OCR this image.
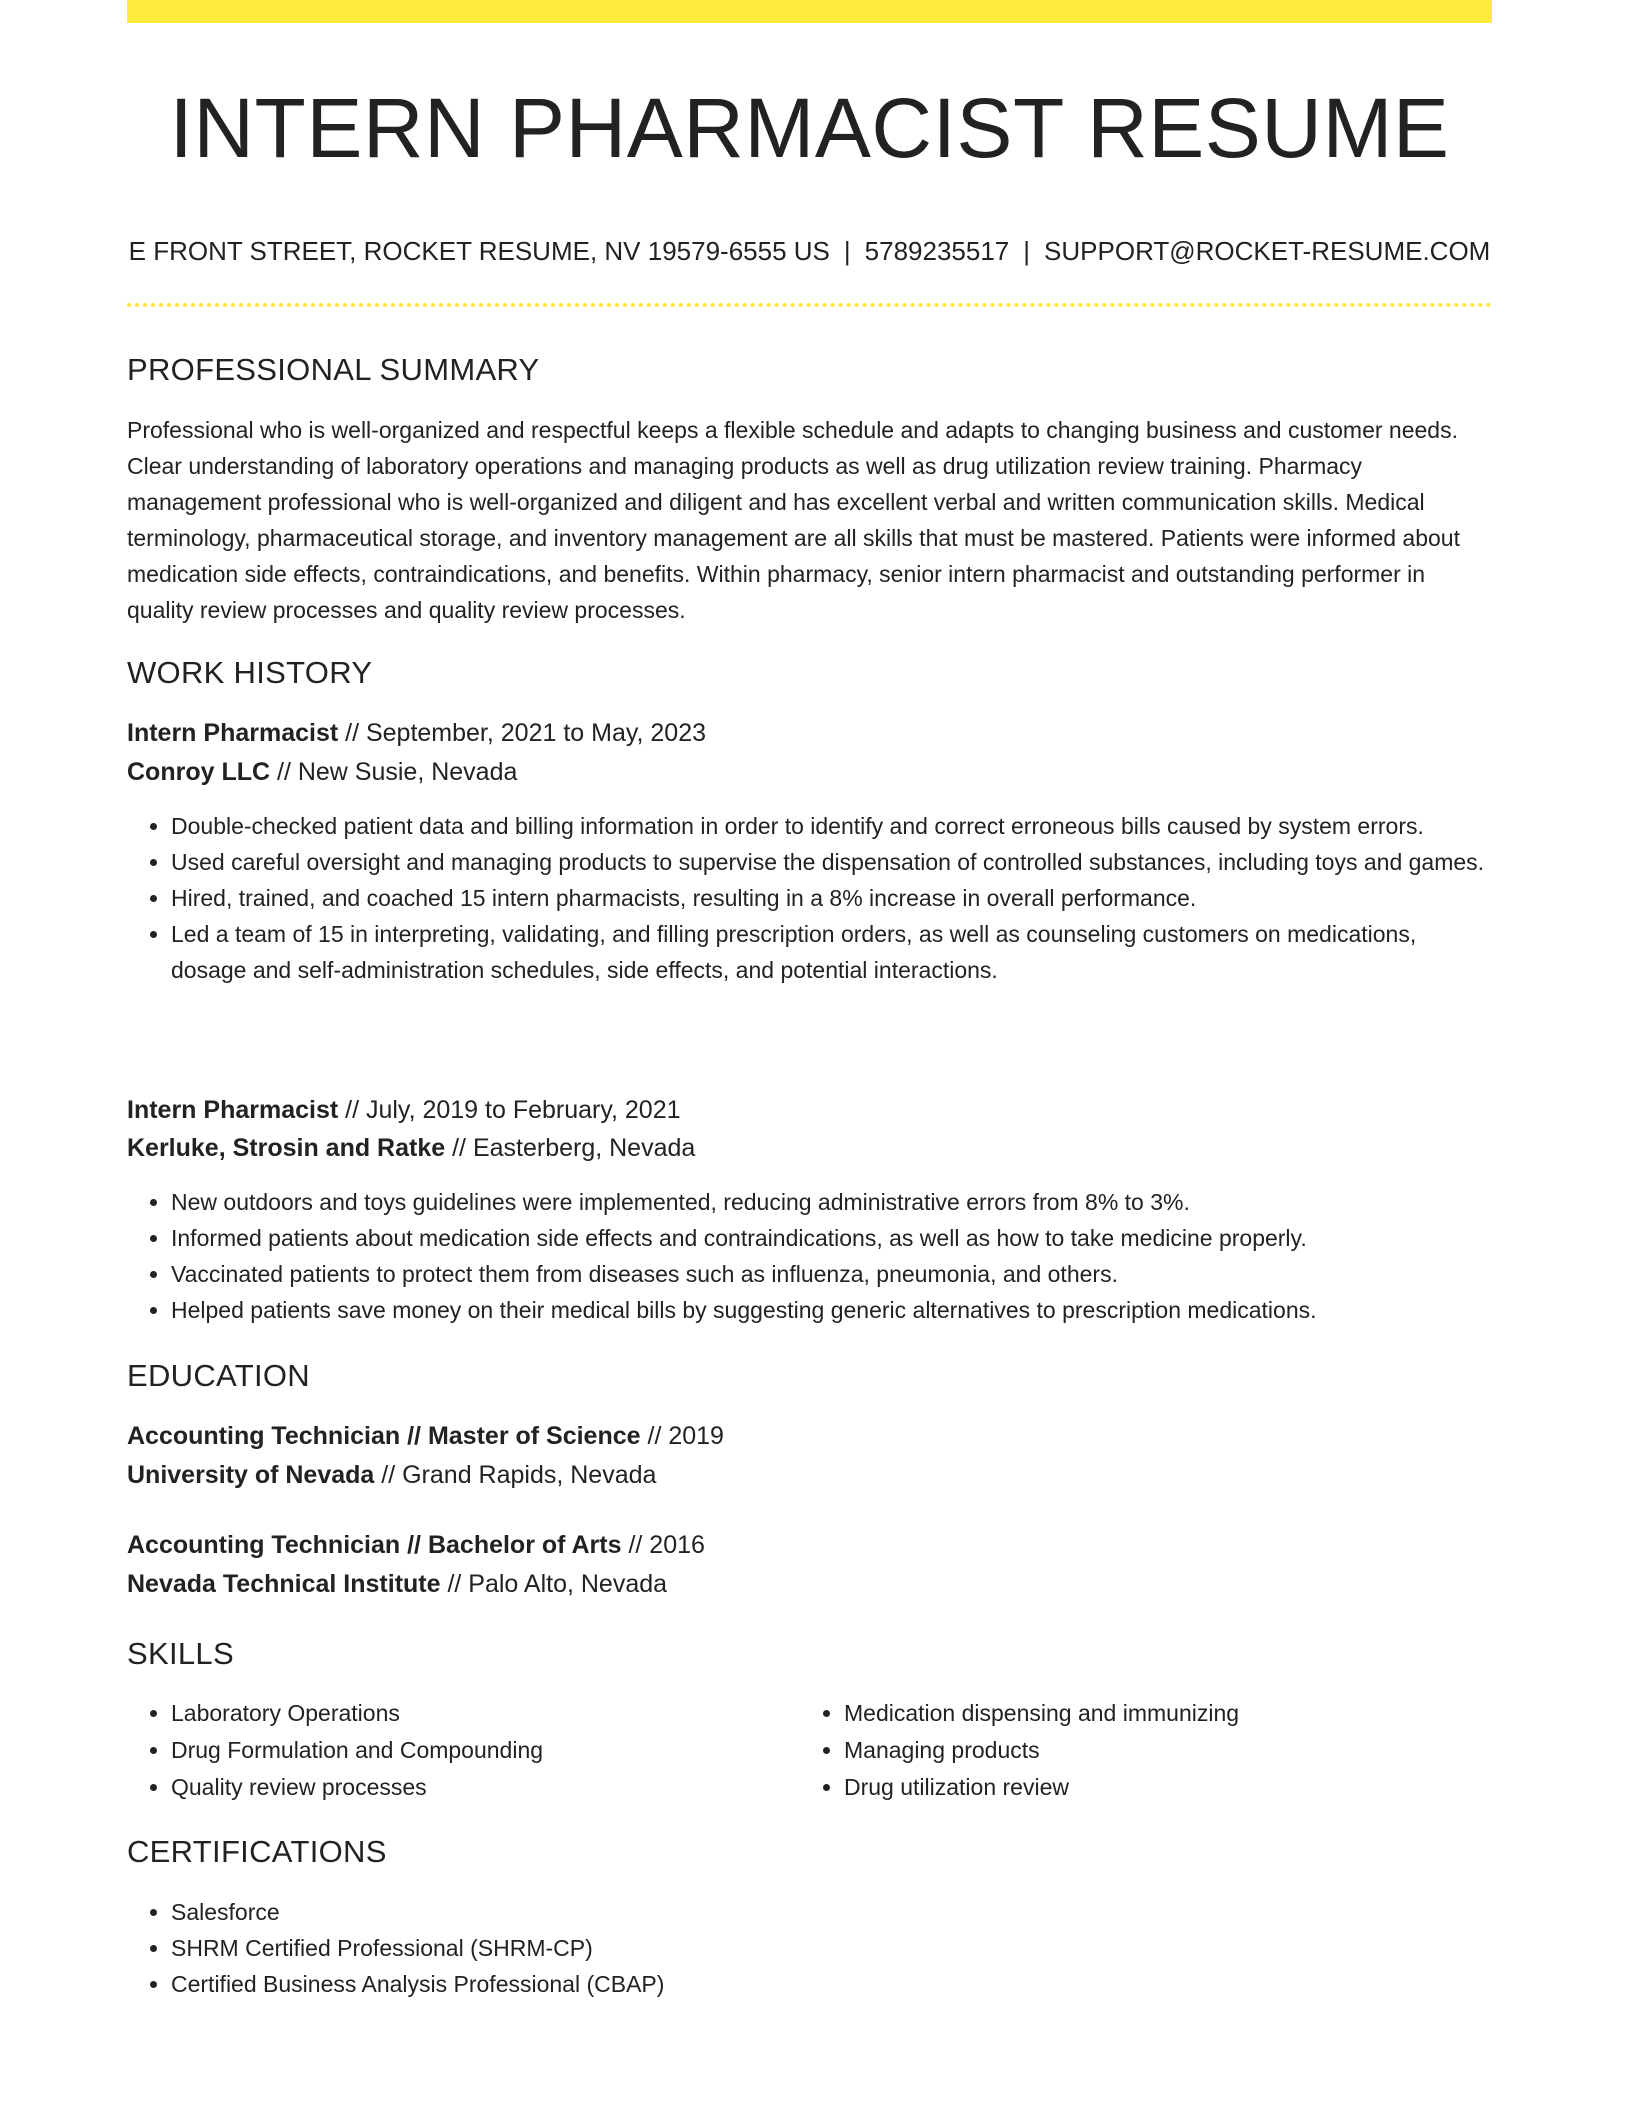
INTERN PHARMACIST RESUME
E FRONT STREET, ROCKET RESUME, NV 19579-6555 US | 5789235517 | SUPPORT@ROCKET-RESUME.COM
PROFESSIONAL SUMMARY
Professional who is well-organized and respectful keeps a flexible schedule and adapts to changing business and customer needs. Clear understanding of laboratory operations and managing products as well as drug utilization review training. Pharmacy management professional who is well-organized and diligent and has excellent verbal and written communication skills. Medical terminology, pharmaceutical storage, and inventory management are all skills that must be mastered. Patients were informed about medication side effects, contraindications, and benefits. Within pharmacy, senior intern pharmacist and outstanding performer in quality review processes and quality review processes.
WORK HISTORY
Intern Pharmacist // September, 2021 to May, 2023
Conroy LLC // New Susie, Nevada
• Double-checked patient data and billing information in order to identify and correct erroneous bills caused by system errors.
• Used careful oversight and managing products to supervise the dispensation of controlled substances, including toys and games.
• Hired, trained, and coached 15 intern pharmacists, resulting in a 8% increase in overall performance.
• Led a team of 15 in interpreting, validating, and filling prescription orders, as well as counseling customers on medications, dosage and self-administration schedules, side effects, and potential interactions.
Intern Pharmacist // July, 2019 to February, 2021
Kerluke, Strosin and Ratke // Easterberg, Nevada
• New outdoors and toys guidelines were implemented, reducing administrative errors from 8% to 3%.
• Informed patients about medication side effects and contraindications, as well as how to take medicine properly.
• Vaccinated patients to protect them from diseases such as influenza, pneumonia, and others.
• Helped patients save money on their medical bills by suggesting generic alternatives to prescription medications.
EDUCATION
Accounting Technician // Master of Science // 2019
University of Nevada // Grand Rapids, Nevada
Accounting Technician // Bachelor of Arts // 2016
Nevada Technical Institute // Palo Alto, Nevada
SKILLS
• Laboratory Operations
• Drug Formulation and Compounding
• Quality review processes
• Medication dispensing and immunizing
• Managing products
• Drug utilization review
CERTIFICATIONS
• Salesforce
• SHRM Certified Professional (SHRM-CP)
• Certified Business Analysis Professional (CBAP)
